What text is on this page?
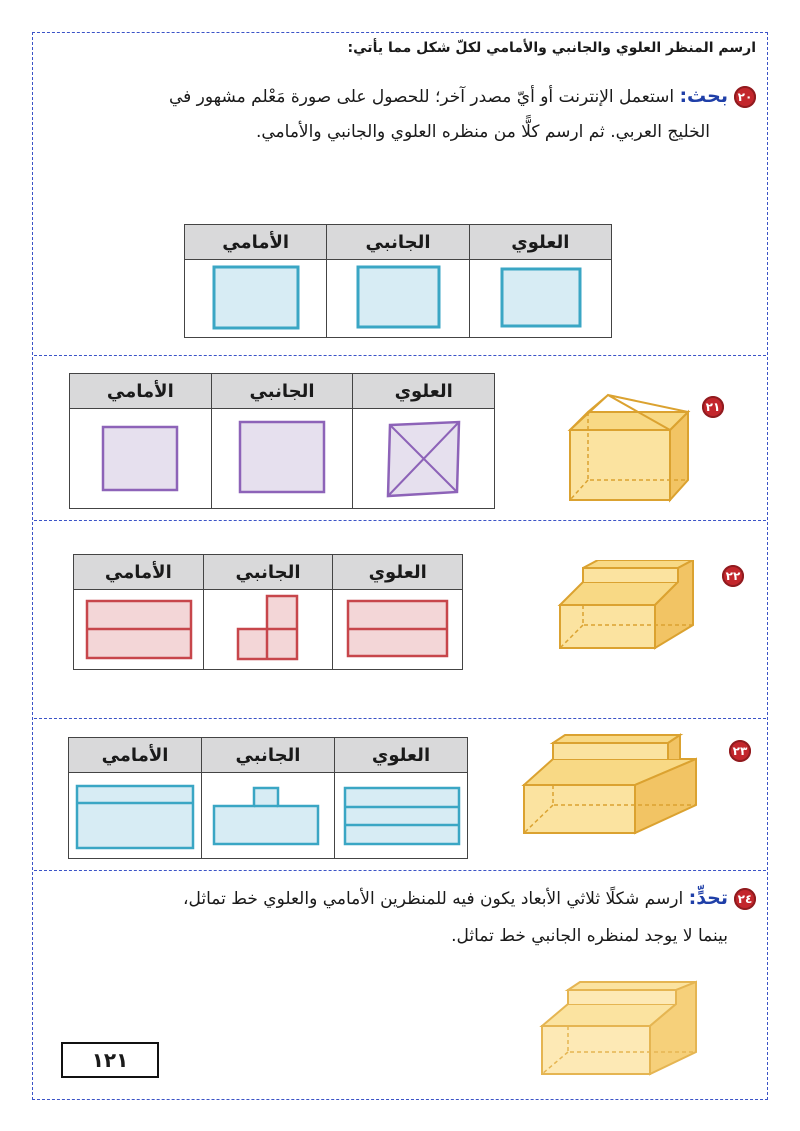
ارسم المنظر العلوي والجانبي والأمامي لكلّ شكل مما يأتي:
٢٠بحث: استعمل الإنترنت أو أيّ مصدر آخر؛ للحصول على صورة مَعْلم مشهور في
الخليج العربي. ثم ارسم كلًّا من منظره العلوي والجانبي والأمامي.
العلوي	الجانبي	الأمامي

العلوي	الجانبي	الأمامي

٢١
العلوي	الجانبي	الأمامي

		٢٢
العلوي	الجانبي	الأمامي

		٢٣
٢٤تحدٍّ: ارسم شكلًا ثلاثي الأبعاد يكون فيه للمنظرين الأمامي والعلوي خط تماثل،
بينما لا يوجد لمنظره الجانبي خط تماثل.
١٢١
